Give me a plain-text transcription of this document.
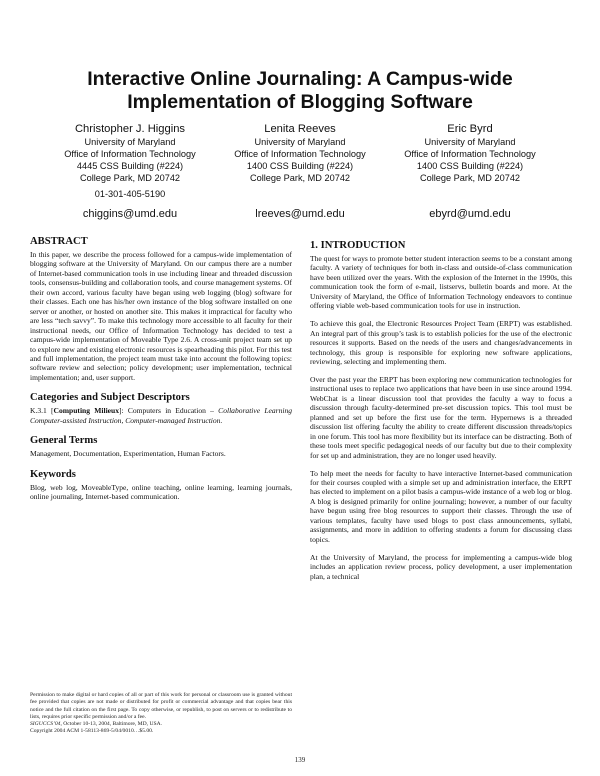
Interactive Online Journaling: A Campus-wide
Implementation of Blogging Software
Christopher J. Higgins
University of Maryland
Office of Information Technology
4445 CSS Building (#224)
College Park, MD 20742
01-301-405-5190
chiggins@umd.edu
Lenita Reeves
University of Maryland
Office of Information Technology
1400 CSS Building (#224)
College Park, MD 20742
lreeves@umd.edu
Eric Byrd
University of Maryland
Office of Information Technology
1400 CSS Building (#224)
College Park, MD 20742
ebyrd@umd.edu
ABSTRACT

In this paper, we describe the process followed for a campus-wide implementation of blogging software at the University of Maryland. On our campus there are a number of Internet-based communication tools in use including linear and threaded discussion tools, consensus-building and collaboration tools, and course management systems. Of their own accord, various faculty have began using web logging (blog) software for their classes. Each one has his/her own instance of the blog software installed on one server or another, or hosted on another site. This makes it impractical for faculty who are less “tech savvy”. To make this technology more accessible to all faculty for their instructional needs, our Office of Information Technology has decided to test a campus-wide implementation of Moveable Type 2.6. A cross-unit project team set up to explore new and existing electronic resources is spearheading this pilot. For this test and full implementation, the project team must take into account the following topics: software review and selection; policy development; user implementation, technical implementation; and, user support.

Categories and Subject Descriptors

K.3.1 [Computing Milieux]: Computers in Education – Collaborative Learning Computer-assisted Instruction, Computer-managed Instruction.

General Terms

Management, Documentation, Experimentation, Human Factors.

Keywords

Blog, web log, MoveableType, online teaching, online learning, learning journals, online journaling, Internet-based communication.

Permission to make digital or hard copies of all or part of this work for personal or classroom use is granted without fee provided that copies are not made or distributed for profit or commercial advantage and that copies bear this notice and the full citation on the first page. To copy otherwise, or republish, to post on servers or to redistribute to lists, requires prior specific permission and/or a fee.
SIGUCCS’04, October 10-13, 2004, Baltimore, MD, USA.
Copyright 2004 ACM 1-58113-869-5/04/0010…$5.00.
1. INTRODUCTION

The quest for ways to promote better student interaction seems to be a constant among faculty. A variety of techniques for both in-class and outside-of-class communication have been utilized over the years. With the explosion of the Internet in the 1990s, this communication took the form of e-mail, listservs, bulletin boards and more. At the University of Maryland, the Office of Information Technology endeavors to continue offering viable web-based communication tools for use in instruction.

To achieve this goal, the Electronic Resources Project Team (ERPT) was established. An integral part of this group’s task is to establish policies for the use of the electronic resources it supports. Based on the needs of the users and changes/advancements in technology, this group is responsible for exploring new software applications, reviewing, selecting and implementing them.

Over the past year the ERPT has been exploring new communication technologies for instructional uses to replace two applications that have been in use since around 1994. WebChat is a linear discussion tool that provides the faculty a way to focus a discussion through faculty-determined pre-set discussion topics. This tool must be planned and set up before the first use for the term. Hypernews is a threaded discussion list offering faculty the ability to create different discussion threads/topics in one forum. This tool has more flexibility but its interface can be distracting. Both of these tools meet specific pedagogical needs of our faculty but due to their complexity for set up and administration, they are no longer used heavily.

To help meet the needs for faculty to have interactive Internet-based communication for their courses coupled with a simple set up and administration interface, the ERPT has elected to implement on a pilot basis a campus-wide instance of a web log or blog. A blog is designed primarily for online journaling; however, a number of our faculty have begun using free blog resources to support their classes. Through the use of various templates, faculty have used blogs to post class announcements, syllabi, assignments, and more in addition to offering students a forum for discussing class topics.

At the University of Maryland, the process for implementing a campus-wide blog includes an application review process, policy development, a user implementation plan, a technical

139
